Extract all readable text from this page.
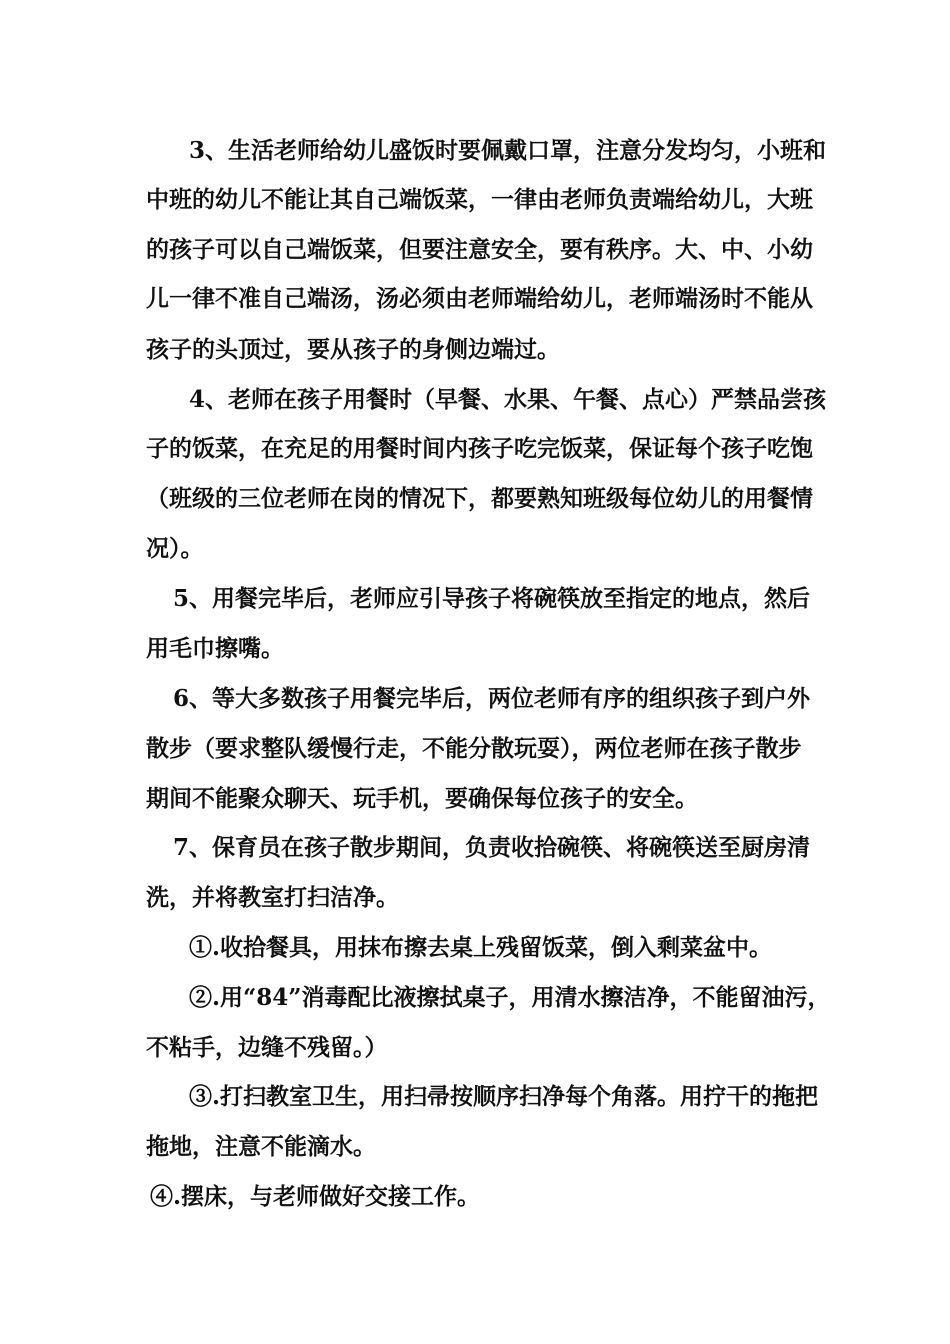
3、生活老师给幼儿盛饭时要佩戴口罩，注意分发均匀，小班和

中班的幼儿不能让其自己端饭菜，一律由老师负责端给幼儿，大班

的孩子可以自己端饭菜，但要注意安全，要有秩序。大、中、小幼

儿一律不准自己端汤，汤必须由老师端给幼儿，老师端汤时不能从

孩子的头顶过，要从孩子的身侧边端过。

4、老师在孩子用餐时（早餐、水果、午餐、点心）严禁品尝孩

子的饭菜，在充足的用餐时间内孩子吃完饭菜，保证每个孩子吃饱

（班级的三位老师在岗的情况下，都要熟知班级每位幼儿的用餐情

况）。

5、用餐完毕后，老师应引导孩子将碗筷放至指定的地点，然后

用毛巾擦嘴。

6、等大多数孩子用餐完毕后，两位老师有序的组织孩子到户外

散步（要求整队缓慢行走，不能分散玩耍），两位老师在孩子散步

期间不能聚众聊天、玩手机，要确保每位孩子的安全。

7、保育员在孩子散步期间，负责收拾碗筷、将碗筷送至厨房清

洗，并将教室打扫洁净。

①.收拾餐具，用抹布擦去桌上残留饭菜，倒入剩菜盆中。

②.用“84”消毒配比液擦拭桌子，用清水擦洁净，不能留油污，

不粘手，边缝不残留。）

③.打扫教室卫生，用扫帚按顺序扫净每个角落。用拧干的拖把

拖地，注意不能滴水。

④.摆床，与老师做好交接工作。
